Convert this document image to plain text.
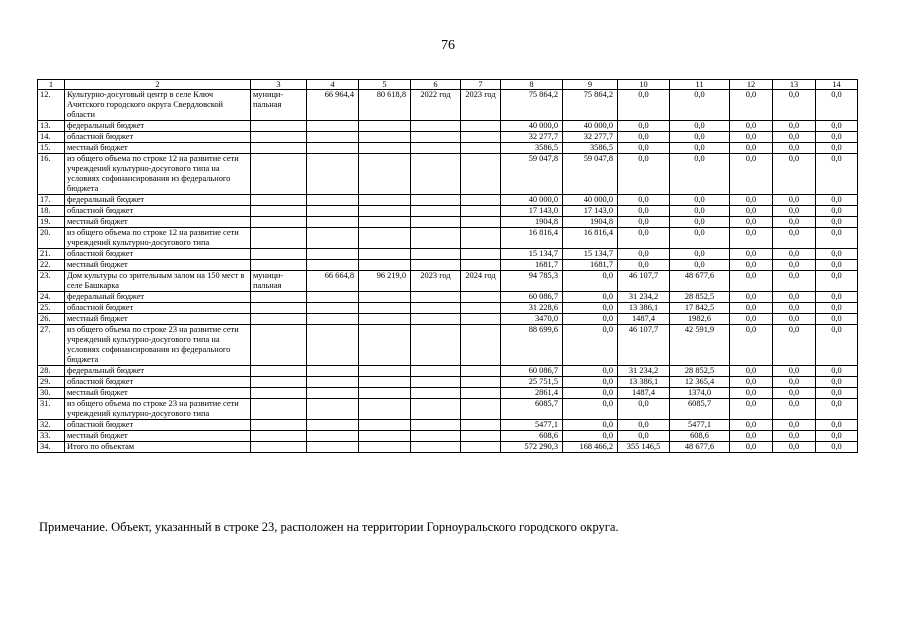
76
1	2	3	4	5	6	7	8	9	10	11	12	13	14
12.	Культурно-досуговый центр в селе Ключ Ачитского городского округа Свердловской области	муници-пальная	66 964,4	80 618,8	2022 год	2023 год	75 864,2	75 864,2	0,0	0,0	0,0	0,0	0,0
13.	федеральный бюджет						40 000,0	40 000,0	0,0	0,0	0,0	0,0	0,0
14.	областной бюджет						32 277,7	32 277,7	0,0	0,0	0,0	0,0	0,0
15.	местный бюджет						3586,5	3586,5	0,0	0,0	0,0	0,0	0,0
16.	из общего объема по строке 12 на развитие сети учреждений культурно-досугового типа на условиях софинансирования из федерального бюджета						59 047,8	59 047,8	0,0	0,0	0,0	0,0	0,0
17.	федеральный бюджет						40 000,0	40 000,0	0,0	0,0	0,0	0,0	0,0
18.	областной бюджет						17 143,0	17 143,0	0,0	0,0	0,0	0,0	0,0
19.	местный бюджет						1904,8	1904,8	0,0	0,0	0,0	0,0	0,0
20.	из общего объема по строке 12 на развитие сети учреждений культурно-досугового типа						16 816,4	16 816,4	0,0	0,0	0,0	0,0	0,0
21.	областной бюджет						15 134,7	15 134,7	0,0	0,0	0,0	0,0	0,0
22.	местный бюджет						1681,7	1681,7	0,0	0,0	0,0	0,0	0,0
23.	Дом культуры со зрительным залом на 150 мест в селе Башкарка	муници-пальная	66 664,8	96 219,0	2023 год	2024 год	94 785,3	0,0	46 107,7	48 677,6	0,0	0,0	0,0
24.	федеральный бюджет						60 086,7	0,0	31 234,2	28 852,5	0,0	0,0	0,0
25.	областной бюджет						31 228,6	0,0	13 386,1	17 842,5	0,0	0,0	0,0
26.	местный бюджет						3470,0	0,0	1487,4	1982,6	0,0	0,0	0,0
27.	из общего объема по строке 23 на развитие сети учреждений культурно-досугового типа на условиях софинансирования из федерального бюджета						88 699,6	0,0	46 107,7	42 591,9	0,0	0,0	0,0
28.	федеральный бюджет						60 086,7	0,0	31 234,2	28 852,5	0,0	0,0	0,0
29.	областной бюджет						25 751,5	0,0	13 386,1	12 365,4	0,0	0,0	0,0
30.	местный бюджет						2861,4	0,0	1487,4	1374,0	0,0	0,0	0,0
31.	из общего объема по строке 23 на развитие сети учреждений культурно-досугового типа						6085,7	0,0	0,0	6085,7	0,0	0,0	0,0
32.	областной бюджет						5477,1	0,0	0,0	5477,1	0,0	0,0	0,0
33.	местный бюджет						608,6	0,0	0,0	608,6	0,0	0,0	0,0
34.	Итого по объектам						572 290,3	168 466,2	355 146,5	48 677,6	0,0	0,0	0,0
Примечание. Объект, указанный в строке 23, расположен на территории Горноуральского городского округа.
